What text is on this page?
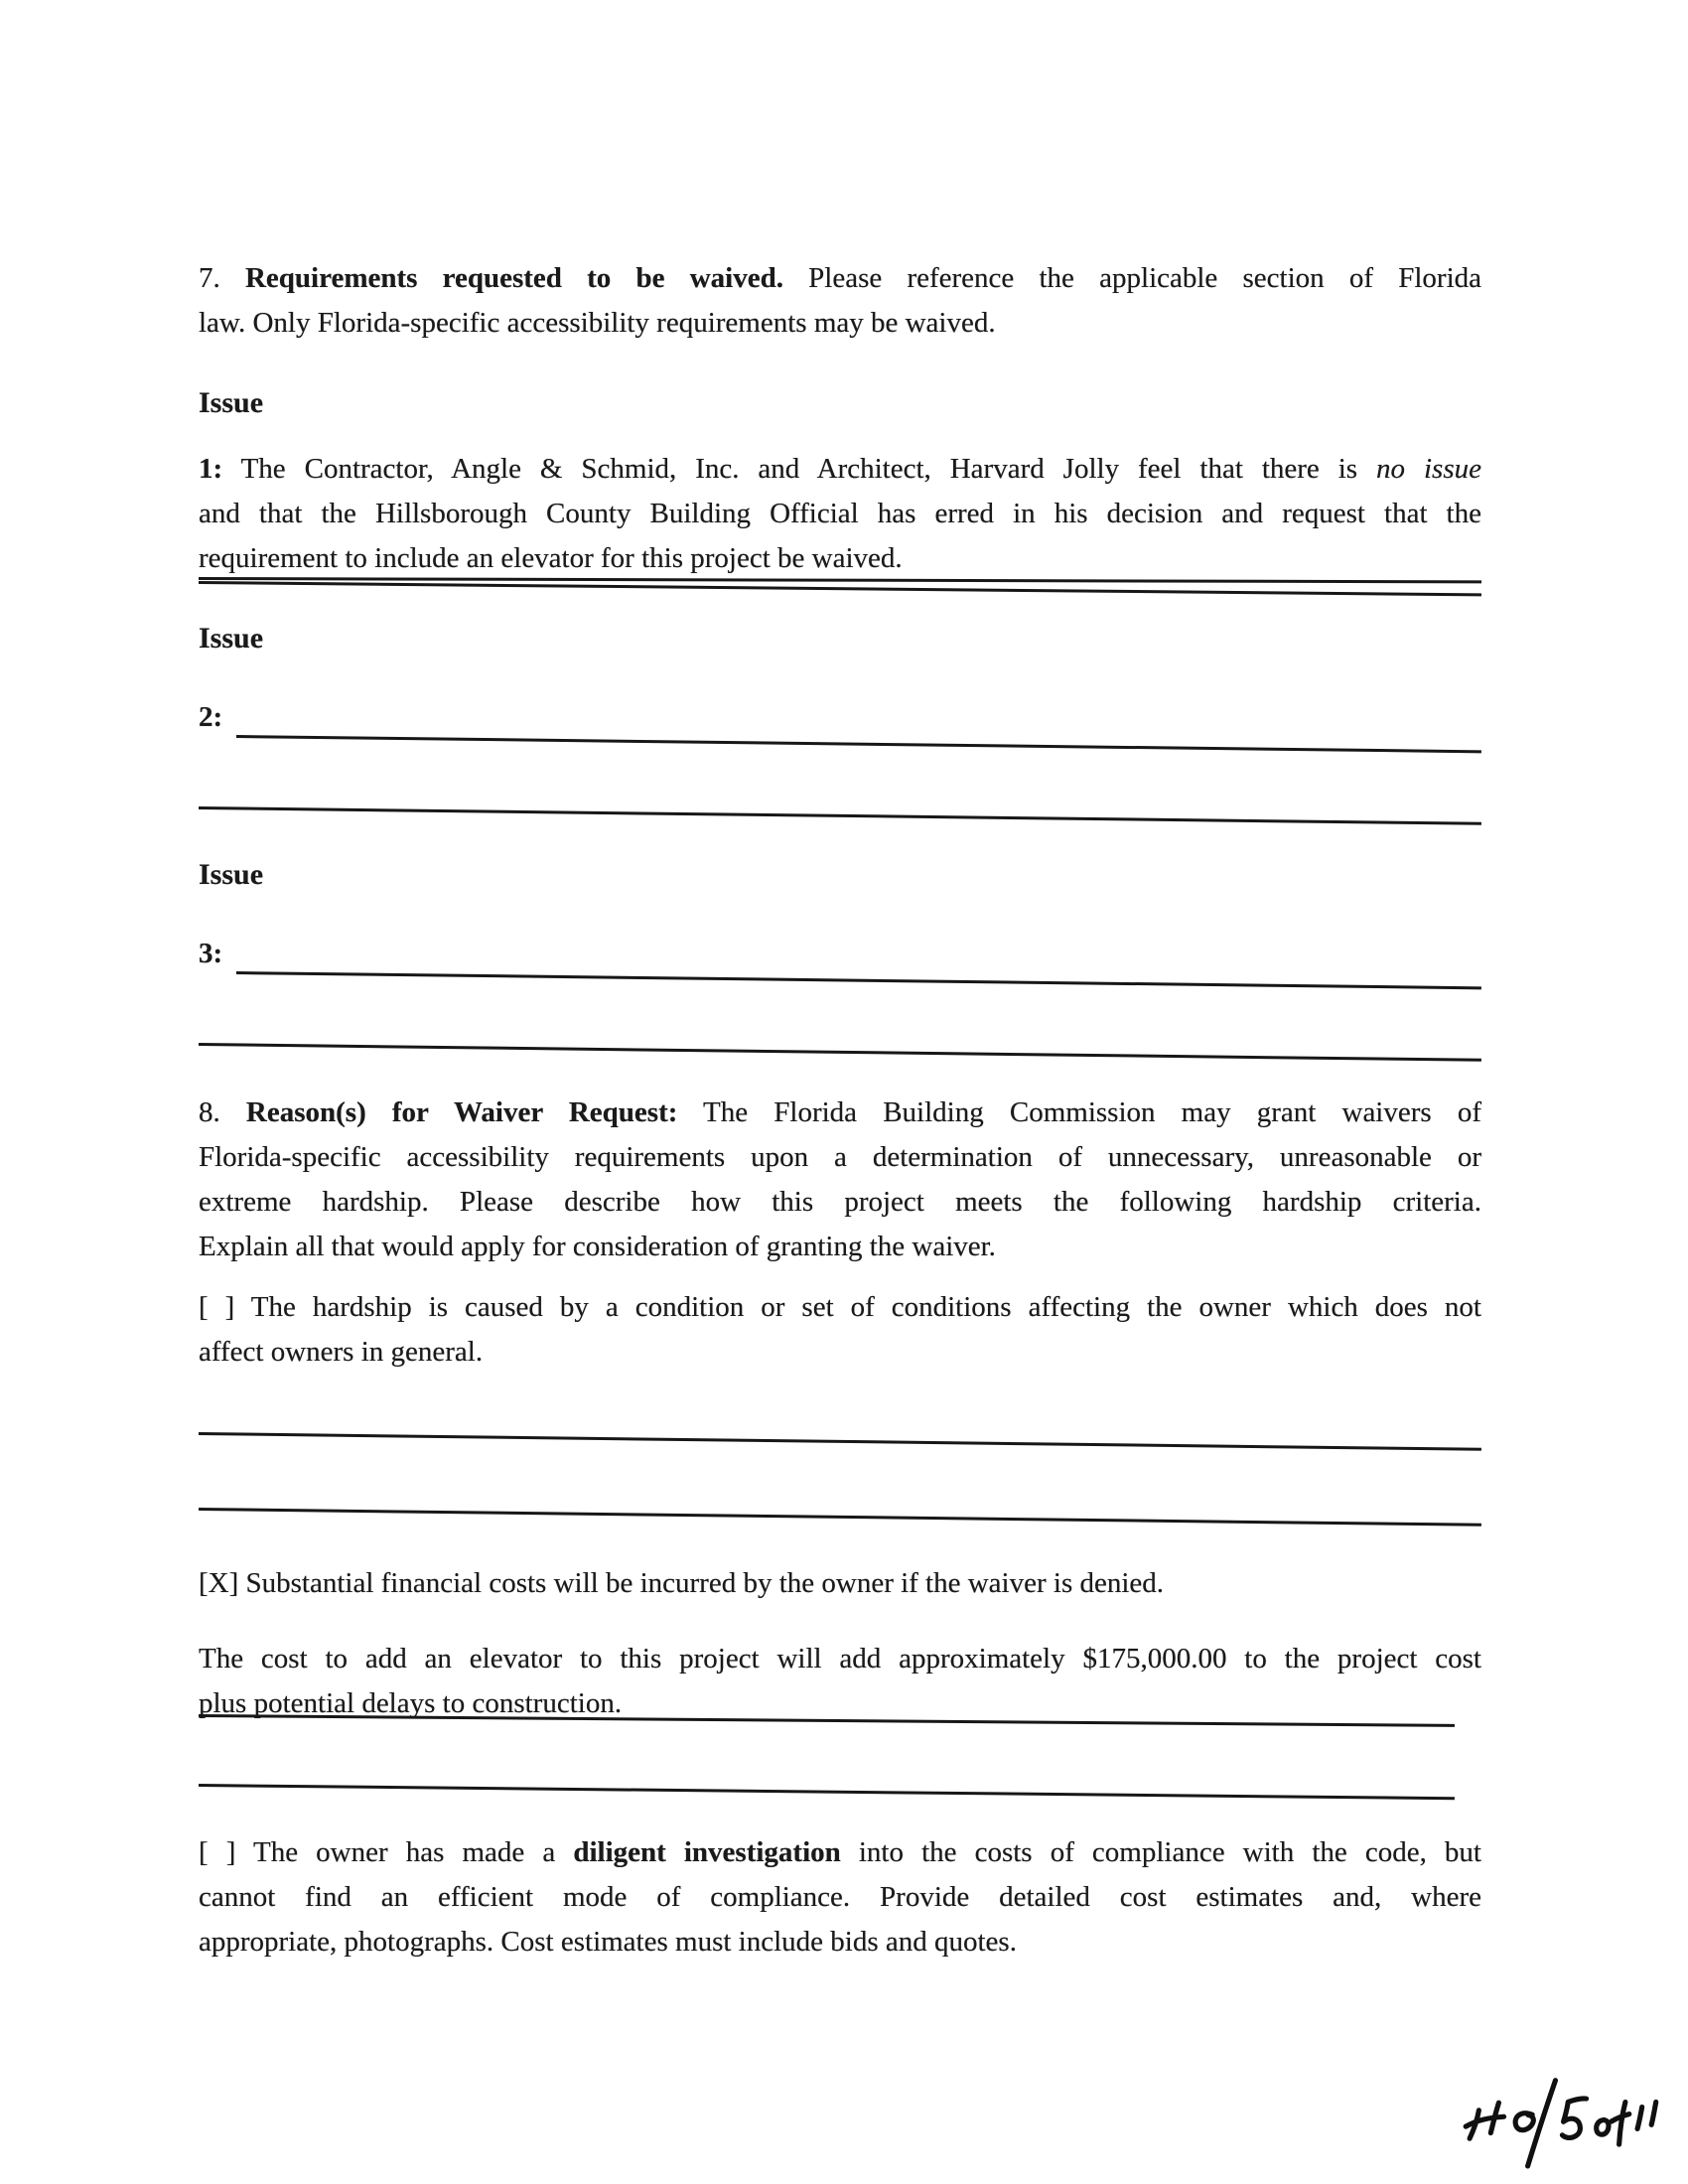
7. Requirements requested to be waived. Please reference the applicable section of Florida
law. Only Florida-specific accessibility requirements may be waived.
Issue
1: The Contractor, Angle & Schmid, Inc. and Architect, Harvard Jolly feel that there is no issue
and that the Hillsborough County Building Official has erred in his decision and request that the
requirement to include an elevator for this project be waived.
Issue
2:
Issue
3:
8. Reason(s) for Waiver Request: The Florida Building Commission may grant waivers of
Florida-specific accessibility requirements upon a determination of unnecessary, unreasonable or
extreme hardship. Please describe how this project meets the following hardship criteria.
Explain all that would apply for consideration of granting the waiver.
[ ] The hardship is caused by a condition or set of conditions affecting the owner which does not
affect owners in general.
[X] Substantial financial costs will be incurred by the owner if the waiver is denied.
The cost to add an elevator to this project will add approximately $175,000.00 to the project cost
plus potential delays to construction.
[ ] The owner has made a diligent investigation into the costs of compliance with the code, but
cannot find an efficient mode of compliance. Provide detailed cost estimates and, where
appropriate, photographs. Cost estimates must include bids and quotes.
